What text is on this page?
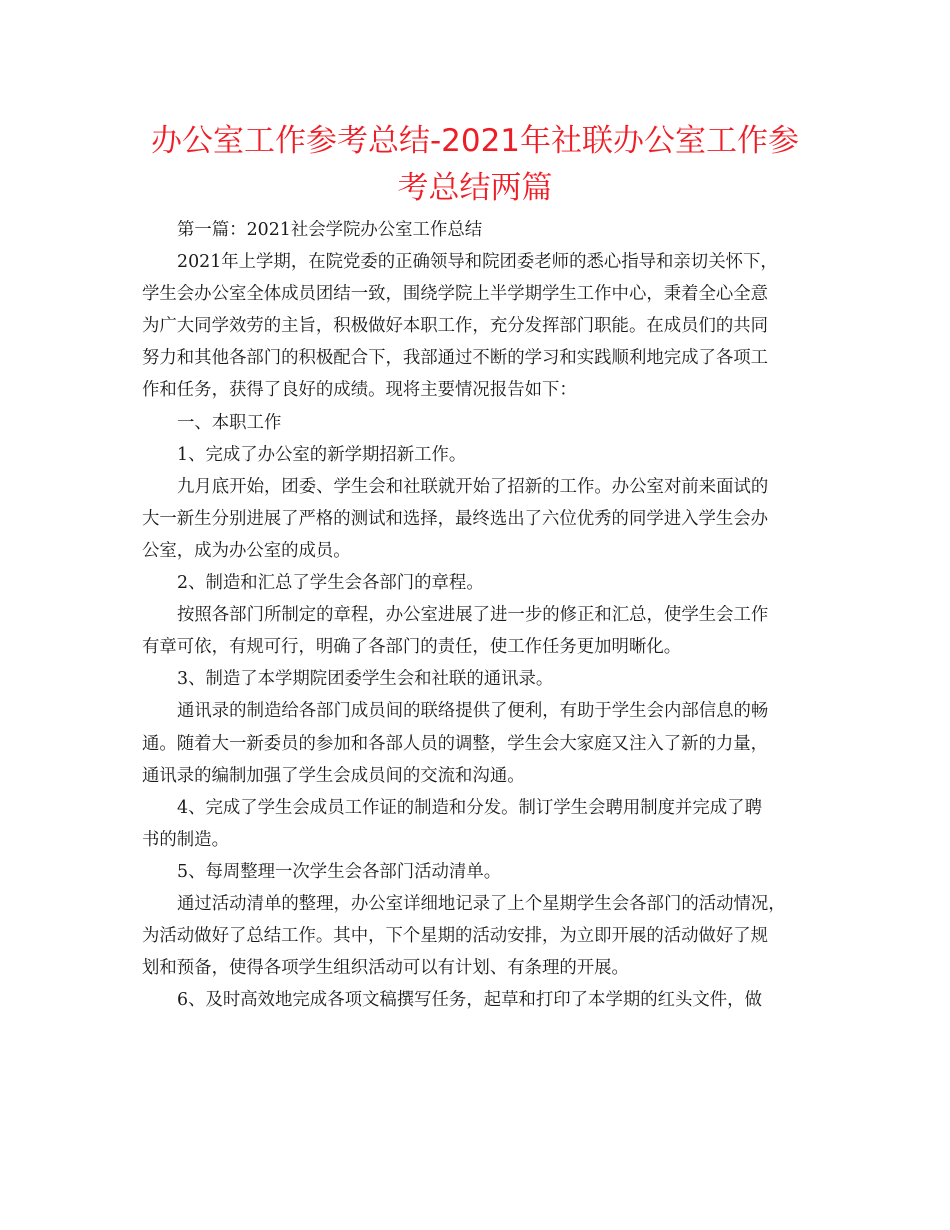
办公室工作参考总结-2021年社联办公室工作参
考总结两篇

第一篇：2021社会学院办公室工作总结

2021年上学期，在院党委的正确领导和院团委老师的悉心指导和亲切关怀下，

学生会办公室全体成员团结一致，围绕学院上半学期学生工作中心，秉着全心全意

为广大同学效劳的主旨，积极做好本职工作，充分发挥部门职能。在成员们的共同

努力和其他各部门的积极配合下，我部通过不断的学习和实践顺利地完成了各项工

作和任务，获得了良好的成绩。现将主要情况报告如下：

一、本职工作

1、完成了办公室的新学期招新工作。

九月底开始，团委、学生会和社联就开始了招新的工作。办公室对前来面试的

大一新生分别进展了严格的测试和选择，最终选出了六位优秀的同学进入学生会办

公室，成为办公室的成员。

2、制造和汇总了学生会各部门的章程。

按照各部门所制定的章程，办公室进展了进一步的修正和汇总，使学生会工作

有章可依，有规可行，明确了各部门的责任，使工作任务更加明晰化。

3、制造了本学期院团委学生会和社联的通讯录。

通讯录的制造给各部门成员间的联络提供了便利，有助于学生会内部信息的畅

通。随着大一新委员的参加和各部人员的调整，学生会大家庭又注入了新的力量，

通讯录的编制加强了学生会成员间的交流和沟通。

4、完成了学生会成员工作证的制造和分发。制订学生会聘用制度并完成了聘

书的制造。

5、每周整理一次学生会各部门活动清单。

通过活动清单的整理，办公室详细地记录了上个星期学生会各部门的活动情况，

为活动做好了总结工作。其中，下个星期的活动安排，为立即开展的活动做好了规

划和预备，使得各项学生组织活动可以有计划、有条理的开展。

6、及时高效地完成各项文稿撰写任务，起草和打印了本学期的红头文件，做
